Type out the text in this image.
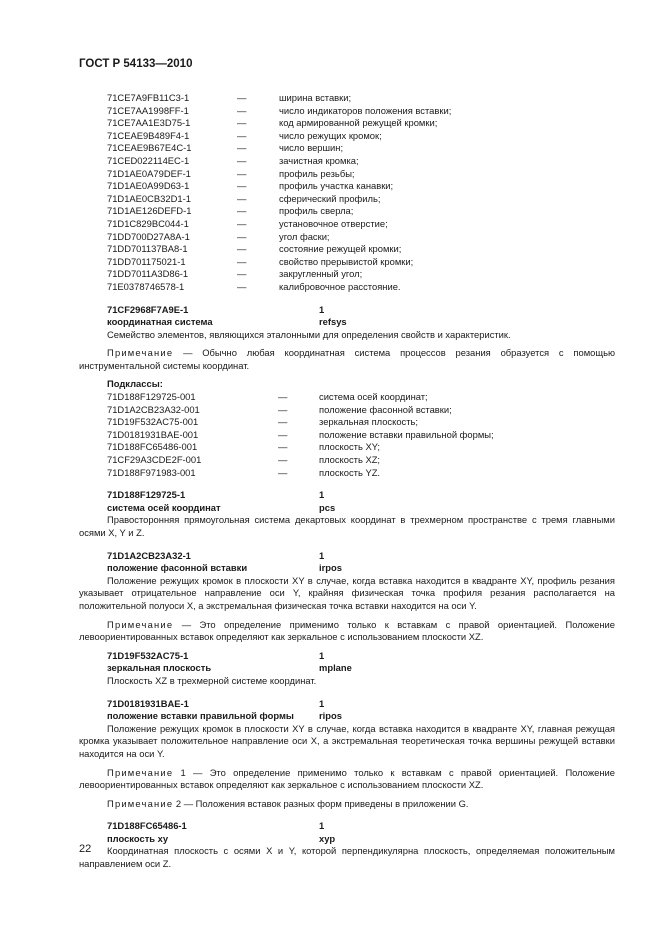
ГОСТ Р 54133—2010
71CE7A9FB11C3-1	—	ширина вставки;
71CE7AA1998FF-1	—	число индикаторов положения вставки;
71CE7AA1E3D75-1	—	код армированной режущей кромки;
71CEAE9B489F4-1	—	число режущих кромок;
71CEAE9B67E4C-1	—	число вершин;
71CED022114EC-1	—	зачистная кромка;
71D1AE0A79DEF-1	—	профиль резьбы;
71D1AE0A99D63-1	—	профиль участка канавки;
71D1AE0CB32D1-1	—	сферический профиль;
71D1AE126DEFD-1	—	профиль сверла;
71D1C829BC044-1	—	установочное отверстие;
71DD700D27A8A-1	—	угол фаски;
71DD701137BA8-1	—	состояние режущей кромки;
71DD701175021-1	—	свойство прерывистой кромки;
71DD7011A3D86-1	—	закругленный угол;
71E0378746578-1	—	калибровочное расстояние.
71CF2968F7A9E-1	1
координатная система	refsys

Семейство элементов, являющихся эталонными для определения свойств и характеристик.

Примечание — Обычно любая координатная система процессов резания образуется с помощью инструментальной системы координат.

Подклассы:
71D188F129725-001	—	система осей координат;
71D1A2CB23A32-001	—	положение фасонной вставки;
71D19F532AC75-001	—	зеркальная плоскость;
71D0181931BAE-001	—	положение вставки правильной формы;
71D188FC65486-001	—	плоскость XY;
71CF29A3CDE2F-001	—	плоскость XZ;
71D188F971983-001	—	плоскость YZ.
71D188F129725-1	1
система осей координат	pcs

Правосторонняя прямоугольная система декартовых координат в трехмерном пространстве с тремя главными осями X, Y и Z.

71D1A2CB23A32-1	1
положение фасонной вставки	irpos

Положение режущих кромок в плоскости XY в случае, когда вставка находится в квадранте XY, профиль резания указывает отрицательное направление оси Y, крайняя физическая точка профиля резания располагается на положительной полуоси X, а экстремальная физическая точка вставки находится на оси Y.

Примечание — Это определение применимо только к вставкам с правой ориентацией. Положение левоориентированных вставок определяют как зеркальное с использованием плоскости XZ.

71D19F532AC75-1	1
зеркальная плоскость	mplane

Плоскость XZ в трехмерной системе координат.

71D0181931BAE-1	1
положение вставки правильной формы	ripos

Положение режущих кромок в плоскости XY в случае, когда вставка находится в квадранте XY, главная режущая кромка указывает положительное направление оси X, а экстремальная теоретическая точка вершины режущей вставки находится на оси Y.

Примечание 1 — Это определение применимо только к вставкам с правой ориентацией. Положение левоориентированных вставок определяют как зеркальное с использованием плоскости XZ.

Примечание 2 — Положения вставок разных форм приведены в приложении G.

71D188FC65486-1	1
плоскость xy	xyp

Координатная плоскость с осями X и Y, которой перпендикулярна плоскость, определяемая положительным направлением оси Z.

22
